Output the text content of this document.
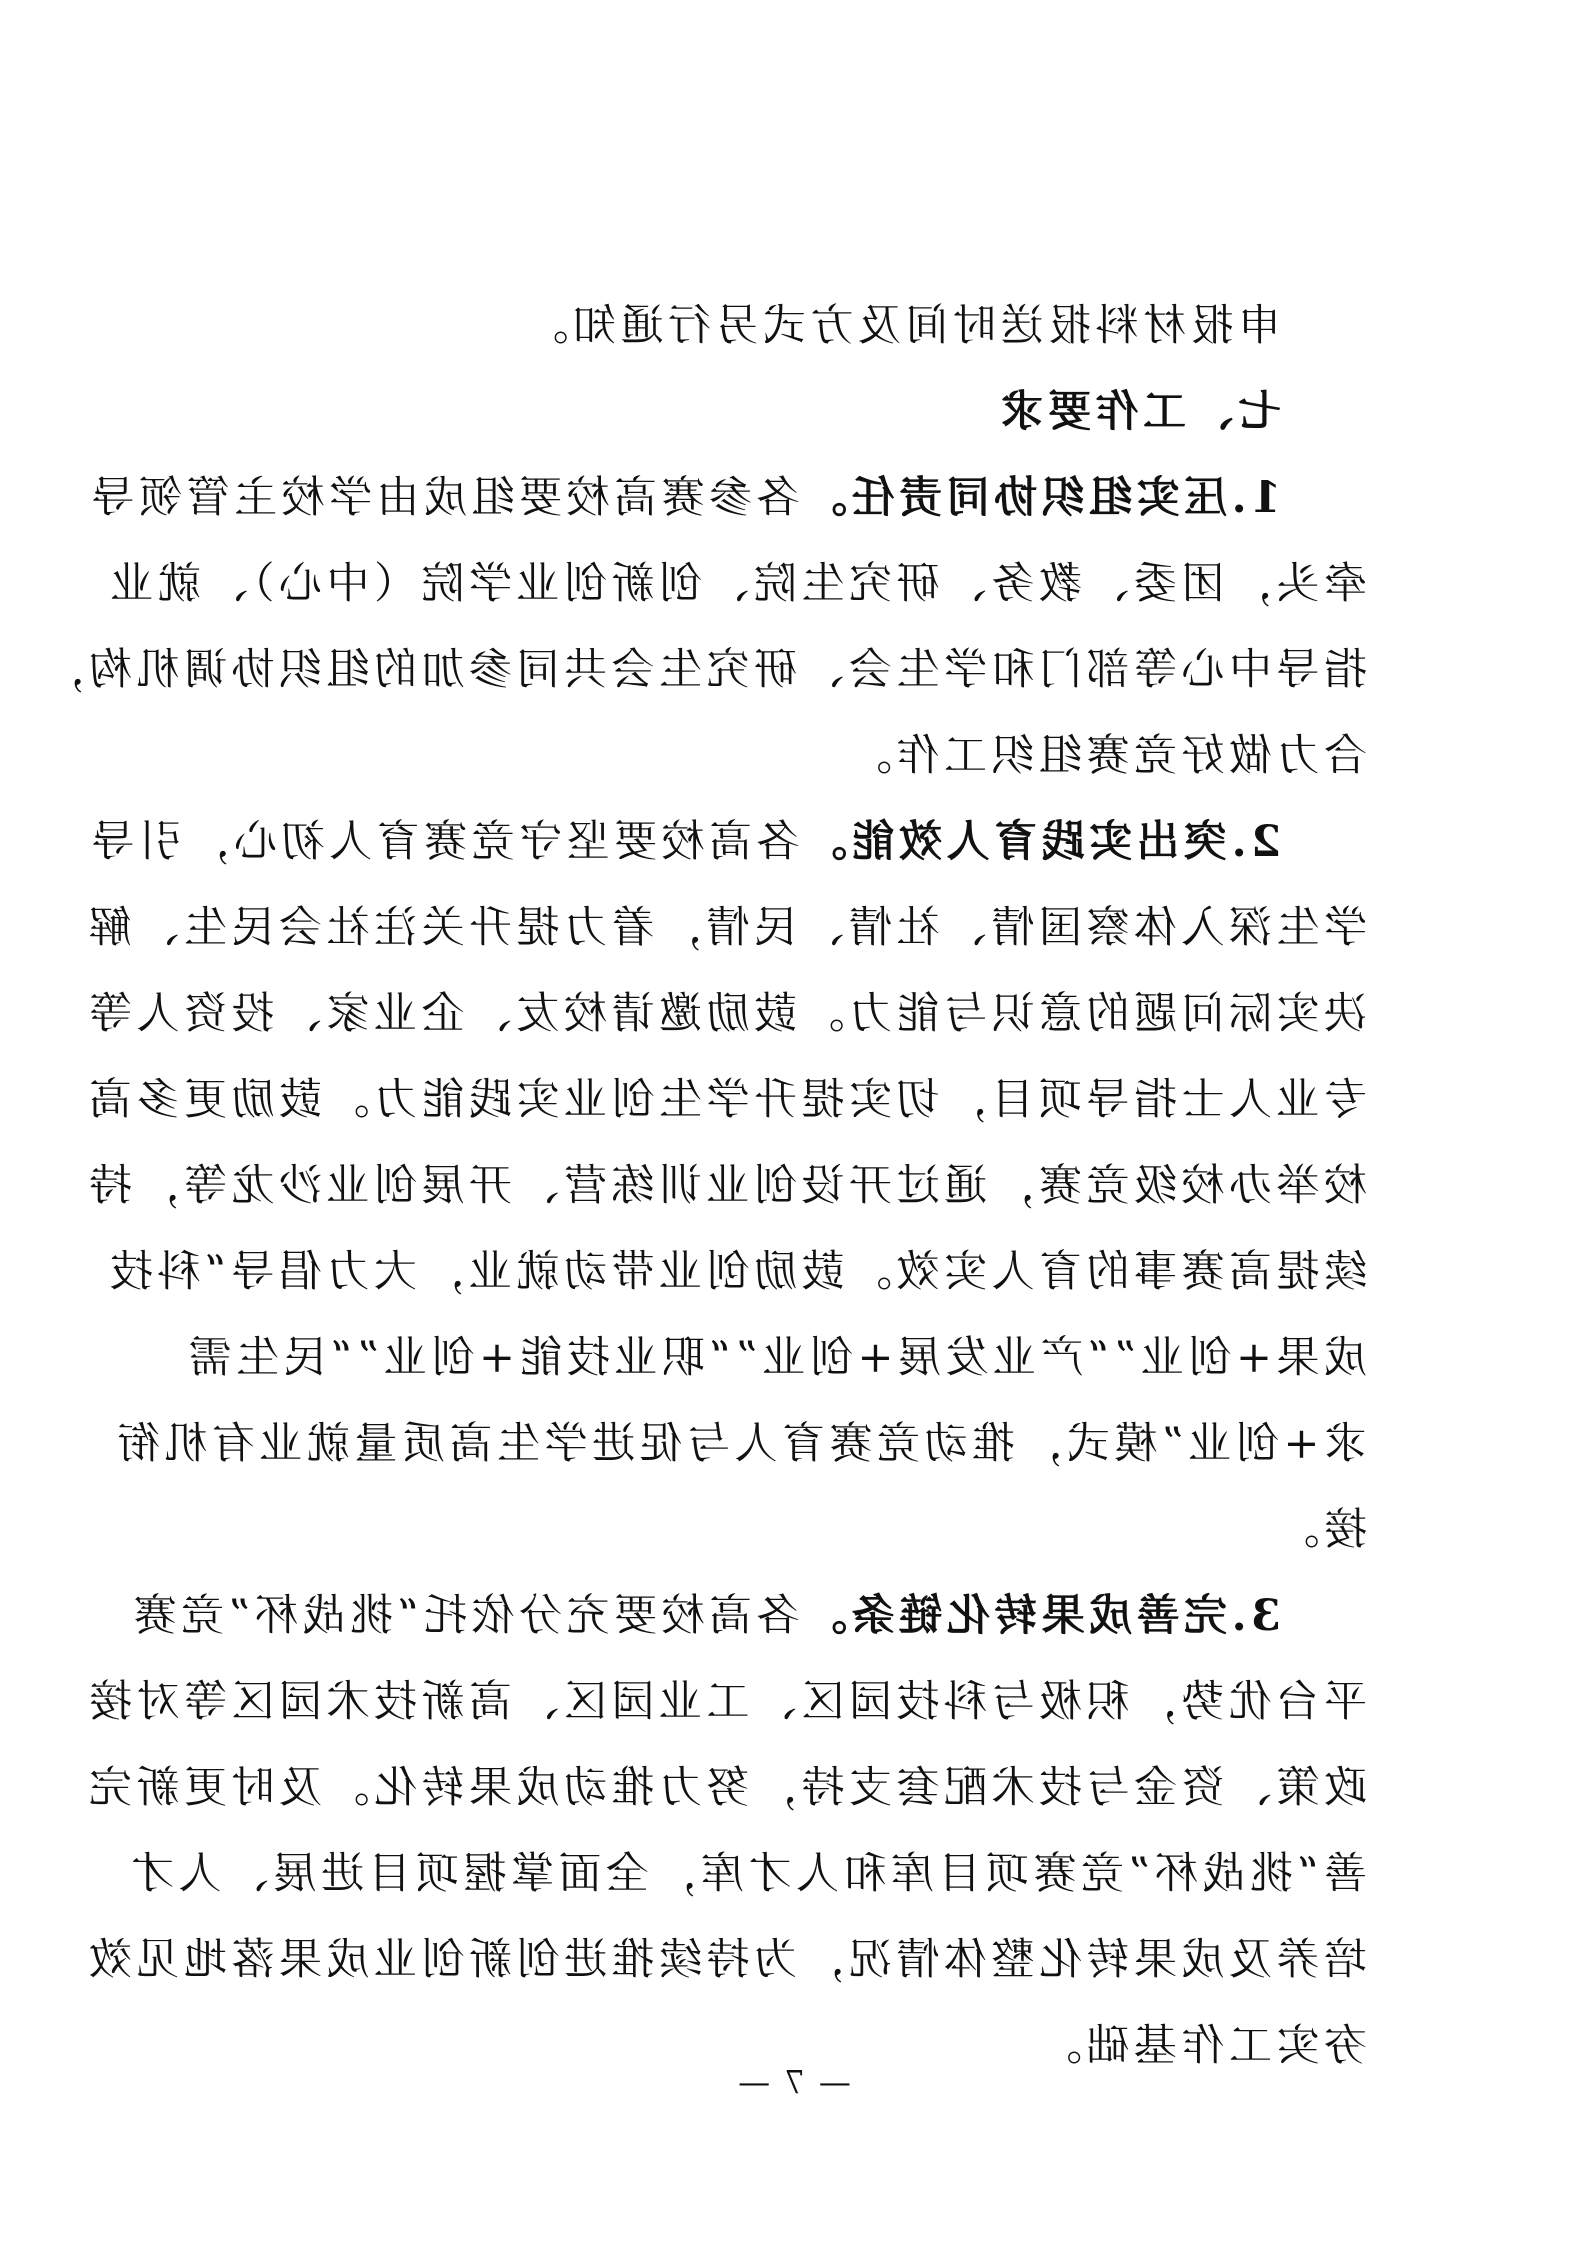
申报材料报送时间及方式另行通知。
七、工作要求
1.压实组织协同责任。各参赛高校要组成由学校主管领导
牵头，团委、教务、研究生院、创新创业学院（中心）、就业
指导中心等部门和学生会、研究生会共同参加的组织协调机构，
合力做好竞赛组织工作。
2.突出实践育人效能。各高校要坚守竞赛育人初心，引导
学生深入体察国情、社情、民情，着力提升关注社会民生、解
决实际问题的意识与能力。鼓励邀请校友、企业家、投资人等
专业人士指导项目，切实提升学生创业实践能力。鼓励更多高
校举办校级竞赛，通过开设创业训练营、开展创业沙龙等，持
续提高赛事的育人实效。鼓励创业带动就业，大力倡导“科技
成果+创业”“产业发展+创业”“职业技能+创业”“民生需
求+创业”模式，推动竞赛育人与促进学生高质量就业有机衔
接。
3.完善成果转化链条。各高校要充分依托“挑战杯”竞赛
平台优势，积极与科技园区、工业园区、高新技术园区等对接
政策、资金与技术配套支持，努力推动成果转化。及时更新完
善“挑战杯”竞赛项目库和人才库，全面掌握项目进展、人才
培养及成果转化整体情况，为持续推进创新创业成果落地见效
夯实工作基础。
— 7 —
